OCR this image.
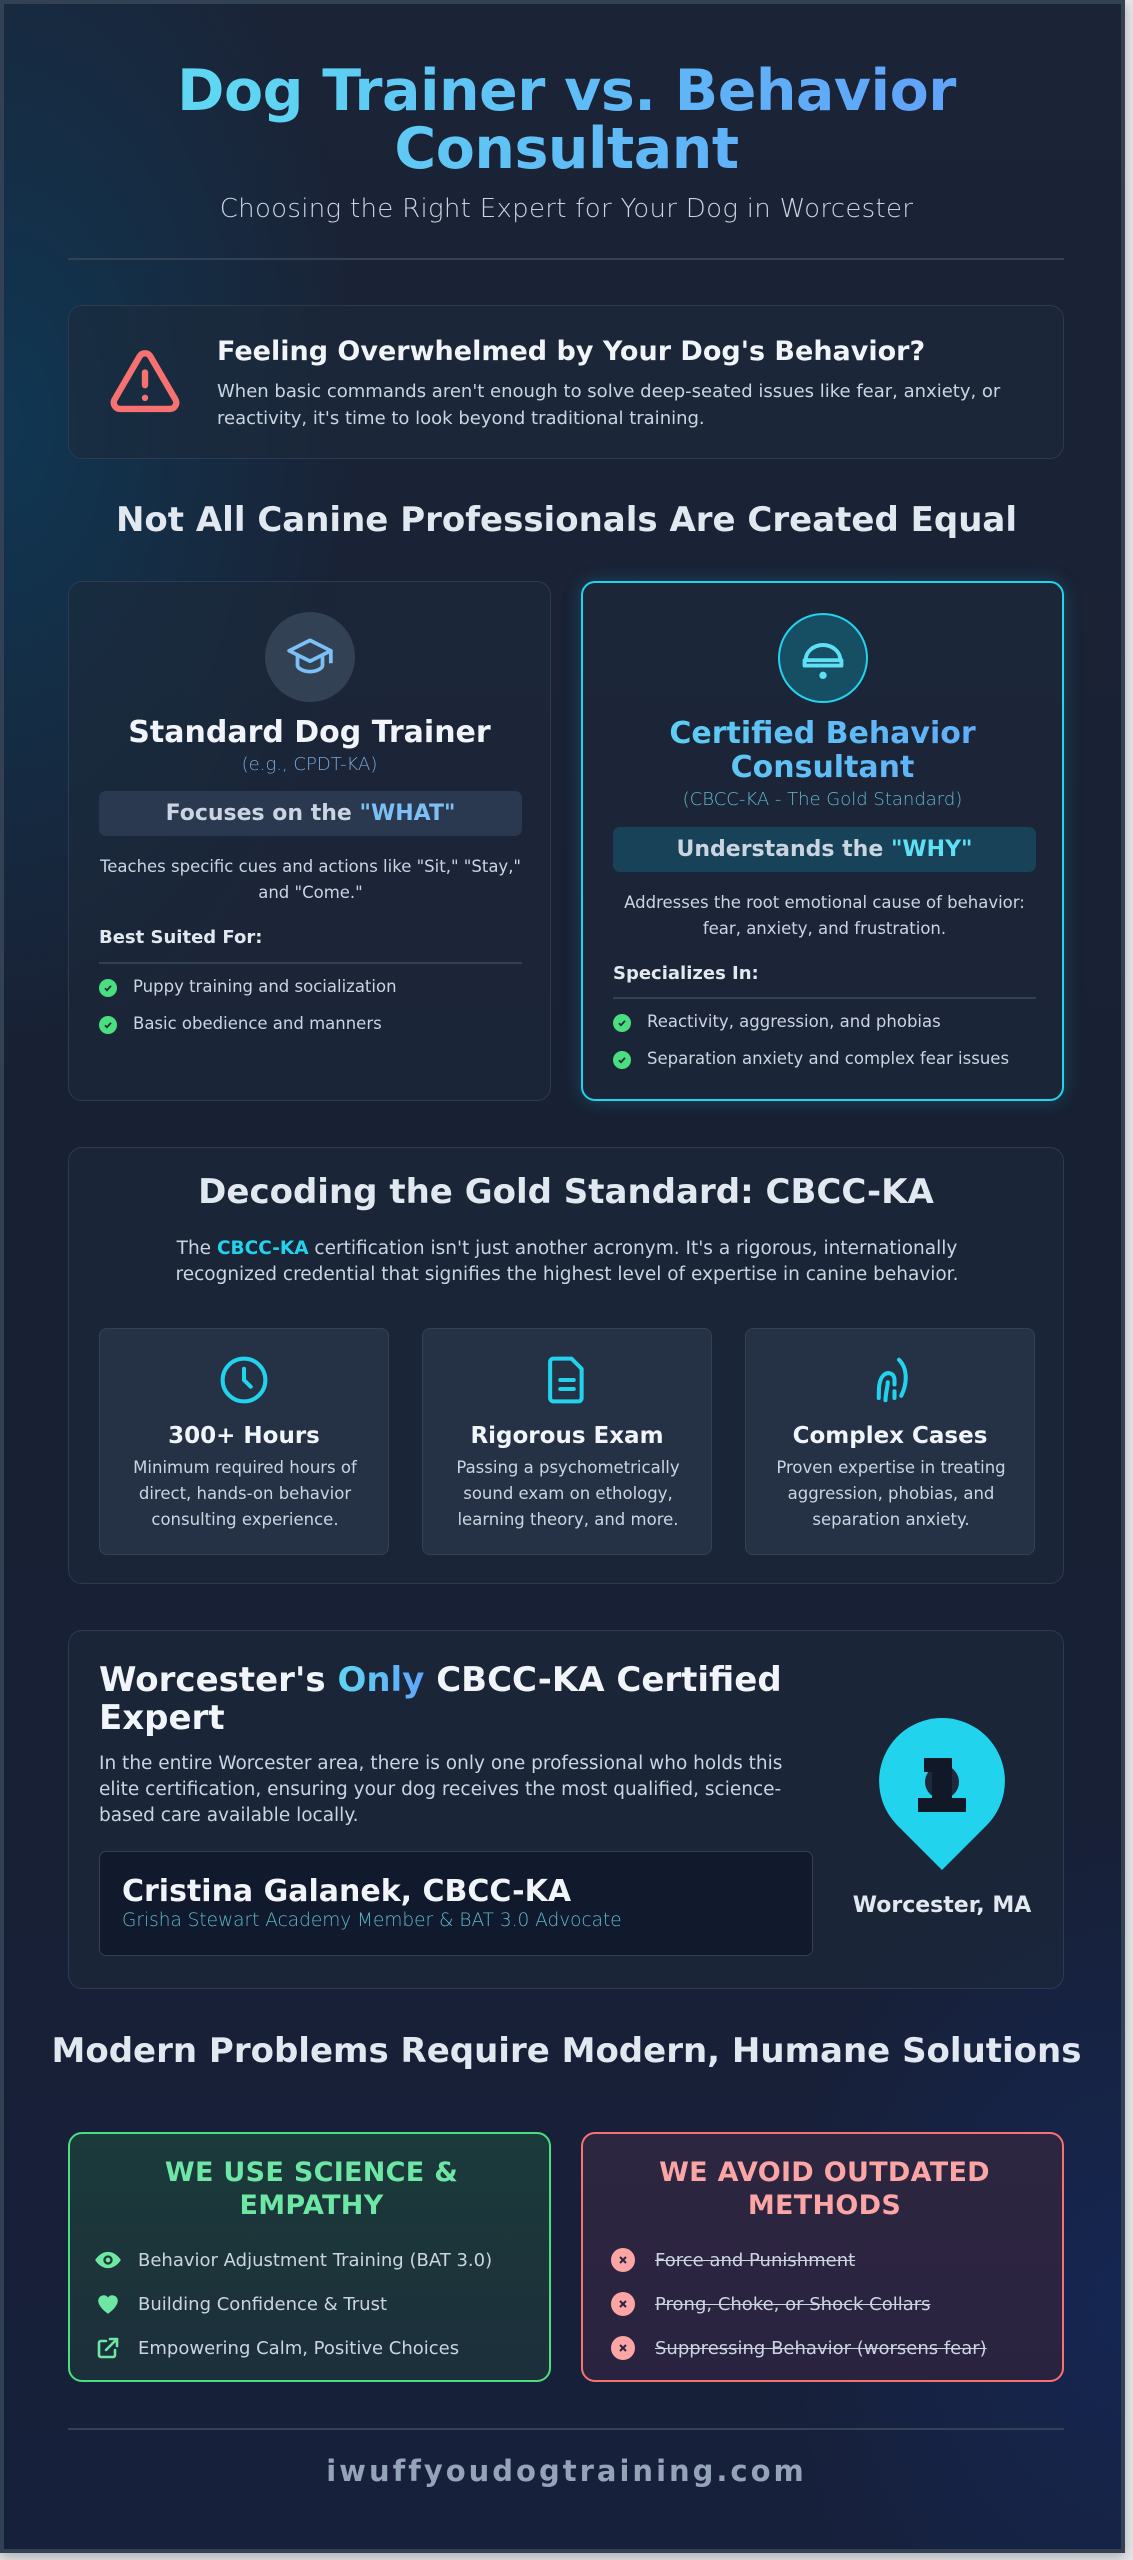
Dog Trainer vs. Behavior
Consultant
Choosing the Right Expert for Your Dog in Worcester
Feeling Overwhelmed by Your Dog's Behavior?
When basic commands aren't enough to solve deep-seated issues like fear, anxiety, or reactivity, it's time to look beyond traditional training.
Not All Canine Professionals Are Created Equal
Standard Dog Trainer
(e.g., CPDT-KA)
Focuses on the "WHAT"
Teaches specific cues and actions like "Sit," "Stay," and "Come."
Best Suited For:
Puppy training and socialization
Basic obedience and manners
Certified Behavior Consultant
(CBCC-KA - The Gold Standard)
Understands the "WHY"
Addresses the root emotional cause of behavior: fear, anxiety, and frustration.
Specializes In:
Reactivity, aggression, and phobias
Separation anxiety and complex fear issues
Decoding the Gold Standard: CBCC-KA
The CBCC-KA certification isn't just another acronym. It's a rigorous, internationally recognized credential that signifies the highest level of expertise in canine behavior.
300+ Hours
Minimum required hours of direct, hands-on behavior consulting experience.
Rigorous Exam
Passing a psychometrically sound exam on ethology, learning theory, and more.
Complex Cases
Proven expertise in treating aggression, phobias, and separation anxiety.
Worcester's Only CBCC-KA Certified Expert
In the entire Worcester area, there is only one professional who holds this elite certification, ensuring your dog receives the most qualified, science-based care available locally.
Cristina Galanek, CBCC-KA
Grisha Stewart Academy Member & BAT 3.0 Advocate
Worcester, MA
Modern Problems Require Modern, Humane Solutions
WE USE SCIENCE & EMPATHY
Behavior Adjustment Training (BAT 3.0)
Building Confidence & Trust
Empowering Calm, Positive Choices
WE AVOID OUTDATED METHODS
Force and Punishment
Prong, Choke, or Shock Collars
Suppressing Behavior (worsens fear)
iwuffyoudogtraining.com
